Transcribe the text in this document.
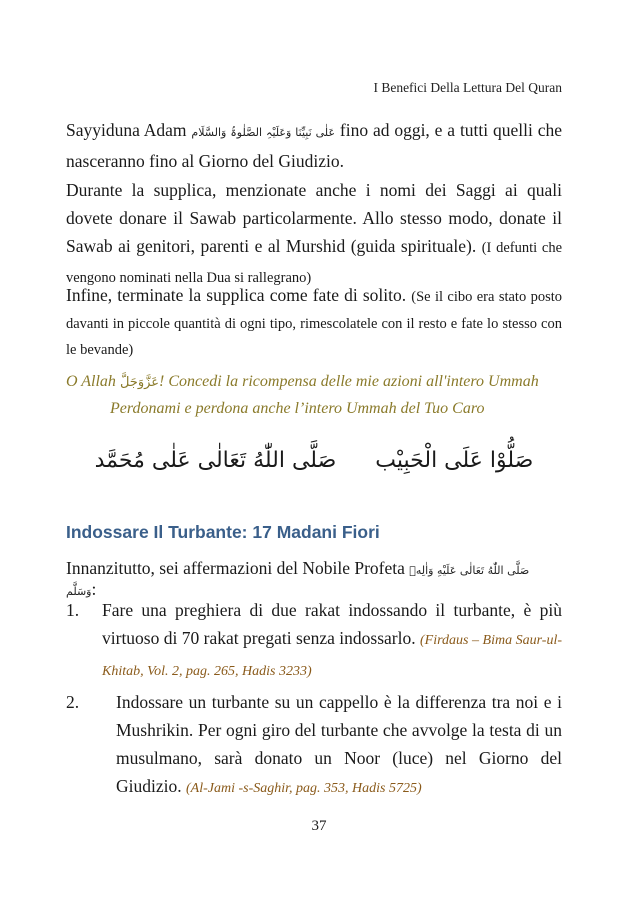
I Benefici Della Lettura Del Quran
Sayyiduna Adam عَلٰی نَبِیِّنَا وَعَلَیْہِ الصَّلٰوۃُ وَالسَّلَام fino ad oggi, e a tutti quelli che nasceranno fino al Giorno del Giudizio.
Durante la supplica, menzionate anche i nomi dei Saggi ai quali dovete donare il Sawab particolarmente. Allo stesso modo, donate il Sawab ai genitori, parenti e al Murshid (guida spirituale). (I defunti che vengono nominati nella Dua si rallegrano)
Infine, terminate la supplica come fate di solito. (Se il cibo era stato posto davanti in piccole quantità di ogni tipo, rimescolatele con il resto e fate lo stesso con le bevande)
O Allah عَزَّوَجَلَّ! Concedi la ricompensa delle mie azioni all'intero Ummah
Perdonami e perdona anche l’intero Ummah del Tuo Caro
صَلُّوْا عَلَى الْحَبِيْب صَلَّى اللّٰهُ تَعَالٰى عَلٰى مُحَمَّد
Indossare Il Turbante: 17 Madani Fiori
Innanzitutto, sei affermazioni del Nobile Profeta صَلَّى اللّٰهُ تَعَالٰى عَلَيْهِ وَاٰلِهٖ وَسَلَّم:
1. Fare una preghiera di due rakat indossando il turbante, è più virtuoso di 70 rakat pregati senza indossarlo. (Firdaus – Bima Saur-ul-Khitab, Vol. 2, pag. 265, Hadis 3233)
2. Indossare un turbante su un cappello è la differenza tra noi e i Mushrikin. Per ogni giro del turbante che avvolge la testa di un musulmano, sarà donato un Noor (luce) nel Giorno del Giudizio. (Al-Jami -s-Saghir, pag. 353, Hadis 5725)
37
